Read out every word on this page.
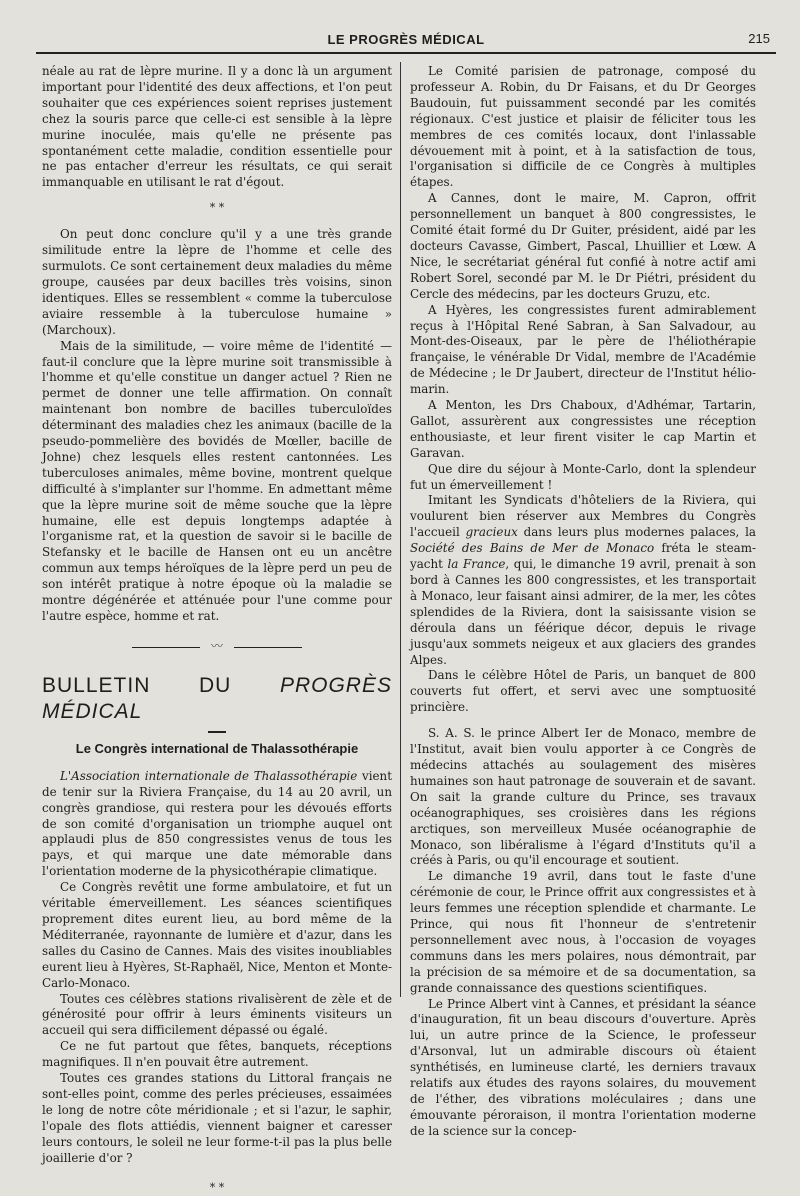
LE PROGRÈS MÉDICAL	215

néale au rat de lèpre murine. Il y a donc là un argument important pour l'identité des deux affections, et l'on peut souhaiter que ces expériences soient reprises justement chez la souris parce que celle-ci est sensible à la lèpre murine inoculée, mais qu'elle ne présente pas spontanément cette maladie, condition essentielle pour ne pas entacher d'erreur les résultats, ce qui serait immanquable en utilisant le rat d'égout.

* *

On peut donc conclure qu'il y a une très grande similitude entre la lèpre de l'homme et celle des surmulots. Ce sont certainement deux maladies du même groupe, causées par deux bacilles très voisins, sinon identiques. Elles se ressemblent « comme la tuberculose aviaire ressemble à la tuberculose humaine » (Marchoux).

Mais de la similitude, — voire même de l'identité — faut-il conclure que la lèpre murine soit transmissible à l'homme et qu'elle constitue un danger actuel ? Rien ne permet de donner une telle affirmation. On connaît maintenant bon nombre de bacilles tuberculoïdes déterminant des maladies chez les animaux (bacille de la pseudo-pommelière des bovidés de Mœller, bacille de Johne) chez lesquels elles restent cantonnées. Les tuberculoses animales, même bovine, montrent quelque difficulté à s'implanter sur l'homme. En admettant même que la lèpre murine soit de même souche que la lèpre humaine, elle est depuis longtemps adaptée à l'organisme rat, et la question de savoir si le bacille de Stefansky et le bacille de Hansen ont eu un ancêtre commun aux temps héroïques de la lèpre perd un peu de son intérêt pratique à notre époque où la maladie se montre dégénérée et atténuée pour l'une comme pour l'autre espèce, homme et rat.

〰
BULLETIN DU PROGRÈS MÉDICAL
Le Congrès international de Thalassothérapie

L'Association internationale de Thalassothérapie vient de tenir sur la Riviera Française, du 14 au 20 avril, un congrès grandiose, qui restera pour les dévoués efforts de son comité d'organisation un triomphe auquel ont applaudi plus de 850 congressistes venus de tous les pays, et qui marque une date mémorable dans l'orientation moderne de la physicothérapie climatique.

Ce Congrès revêtit une forme ambulatoire, et fut un véritable émerveillement. Les séances scientifiques proprement dites eurent lieu, au bord même de la Méditerranée, rayonnante de lumière et d'azur, dans les salles du Casino de Cannes. Mais des visites inoubliables eurent lieu à Hyères, St-Raphaël, Nice, Menton et Monte-Carlo-Monaco.

Toutes ces célèbres stations rivalisèrent de zèle et de générosité pour offrir à leurs éminents visiteurs un accueil qui sera difficilement dépassé ou égalé.

Ce ne fut partout que fêtes, banquets, réceptions magnifiques. Il n'en pouvait être autrement.

Toutes ces grandes stations du Littoral français ne sont-elles point, comme des perles précieuses, essaimées le long de notre côte méridionale ; et si l'azur, le saphir, l'opale des flots attiédis, viennent baigner et caresser leurs contours, le soleil ne leur forme-t-il pas la plus belle joaillerie d'or ?

* *

Le Comité parisien de patronage, composé du professeur A. Robin, du Dr Faisans, et du Dr Georges Baudouin, fut puissamment secondé par les comités régionaux. C'est justice et plaisir de féliciter tous les membres de ces comités locaux, dont l'inlassable dévouement mit à point, et à la satisfaction de tous, l'organisation si difficile de ce Congrès à multiples étapes.

A Cannes, dont le maire, M. Capron, offrit personnellement un banquet à 800 congressistes, le Comité était formé du Dr Guiter, président, aidé par les docteurs Cavasse, Gimbert, Pascal, Lhuillier et Lœw. A Nice, le secrétariat général fut confié à notre actif ami Robert Sorel, secondé par M. le Dr Piétri, président du Cercle des médecins, par les docteurs Gruzu, etc.

A Hyères, les congressistes furent admirablement reçus à l'Hôpital René Sabran, à San Salvadour, au Mont-des-Oiseaux, par le père de l'héliothérapie française, le vénérable Dr Vidal, membre de l'Académie de Médecine ; le Dr Jaubert, directeur de l'Institut hélio-marin.

A Menton, les Drs Chaboux, d'Adhémar, Tartarin, Gallot, assurèrent aux congressistes une réception enthousiaste, et leur firent visiter le cap Martin et Garavan.

Que dire du séjour à Monte-Carlo, dont la splendeur fut un émerveillement !

Imitant les Syndicats d'hôteliers de la Riviera, qui voulurent bien réserver aux Membres du Congrès l'accueil gracieux dans leurs plus modernes palaces, la Société des Bains de Mer de Monaco fréta le steam-yacht la France, qui, le dimanche 19 avril, prenait à son bord à Cannes les 800 congressistes, et les transportait à Monaco, leur faisant ainsi admirer, de la mer, les côtes splendides de la Riviera, dont la saisissante vision se déroula dans un féérique décor, depuis le rivage jusqu'aux sommets neigeux et aux glaciers des grandes Alpes.

Dans le célèbre Hôtel de Paris, un banquet de 800 couverts fut offert, et servi avec une somptuosité princière.

S. A. S. le prince Albert Ier de Monaco, membre de l'Institut, avait bien voulu apporter à ce Congrès de médecins attachés au soulagement des misères humaines son haut patronage de souverain et de savant. On sait la grande culture du Prince, ses travaux océanographiques, ses croisières dans les régions arctiques, son merveilleux Musée océanographie de Monaco, son libéralisme à l'égard d'Instituts qu'il a créés à Paris, ou qu'il encourage et soutient.

Le dimanche 19 avril, dans tout le faste d'une cérémonie de cour, le Prince offrit aux congressistes et à leurs femmes une réception splendide et charmante. Le Prince, qui nous fit l'honneur de s'entretenir personnellement avec nous, à l'occasion de voyages communs dans les mers polaires, nous démontrait, par la précision de sa mémoire et de sa documentation, sa grande connaissance des questions scientifiques.

Le Prince Albert vint à Cannes, et présidant la séance d'inauguration, fit un beau discours d'ouverture. Après lui, un autre prince de la Science, le professeur d'Arsonval, lut un admirable discours où étaient synthétisés, en lumineuse clarté, les derniers travaux relatifs aux études des rayons solaires, du mouvement de l'éther, des vibrations moléculaires ; dans une émouvante péroraison, il montra l'orientation moderne de la science sur la concep-
